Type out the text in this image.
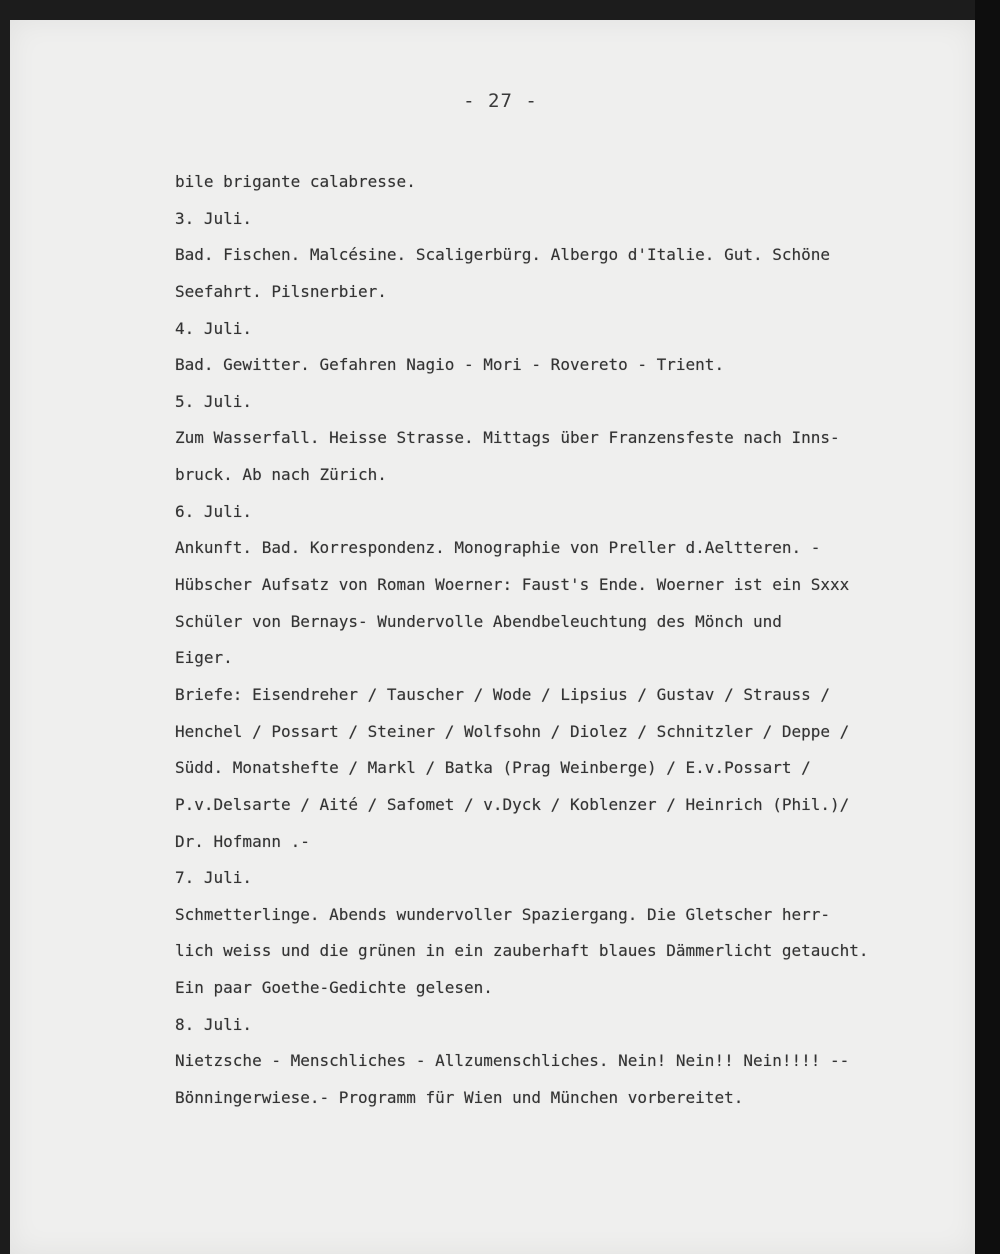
- 27 -
bile brigante calabresse.
3. Juli.
Bad. Fischen. Malcésine. Scaligerbürg. Albergo d'Italie. Gut. Schöne
Seefahrt. Pilsnerbier.
4. Juli.
Bad. Gewitter. Gefahren Nagio - Mori - Rovereto - Trient.
5. Juli.
Zum Wasserfall. Heisse Strasse. Mittags über Franzensfeste nach Inns-
bruck. Ab nach Zürich.
6. Juli.
Ankunft. Bad. Korrespondenz. Monographie von Preller d.Aeltteren. -
Hübscher Aufsatz von Roman Woerner: Faust's Ende. Woerner ist ein Sxxx
Schüler von Bernays- Wundervolle Abendbeleuchtung des Mönch und
Eiger.
Briefe: Eisendreher / Tauscher / Wode / Lipsius / Gustav / Strauss /
Henchel / Possart / Steiner / Wolfsohn / Diolez / Schnitzler / Deppe /
Südd. Monatshefte / Markl / Batka (Prag Weinberge) / E.v.Possart /
P.v.Delsarte / Aité / Safomet / v.Dyck / Koblenzer / Heinrich (Phil.)/
Dr. Hofmann .-
7. Juli.
Schmetterlinge. Abends wundervoller Spaziergang. Die Gletscher herr-
lich weiss und die grünen in ein zauberhaft blaues Dämmerlicht getaucht.
Ein paar Goethe-Gedichte gelesen.
8. Juli.
Nietzsche - Menschliches - Allzumenschliches. Nein! Nein!! Nein!!!! --
Bönningerwiese.- Programm für Wien und München vorbereitet.
